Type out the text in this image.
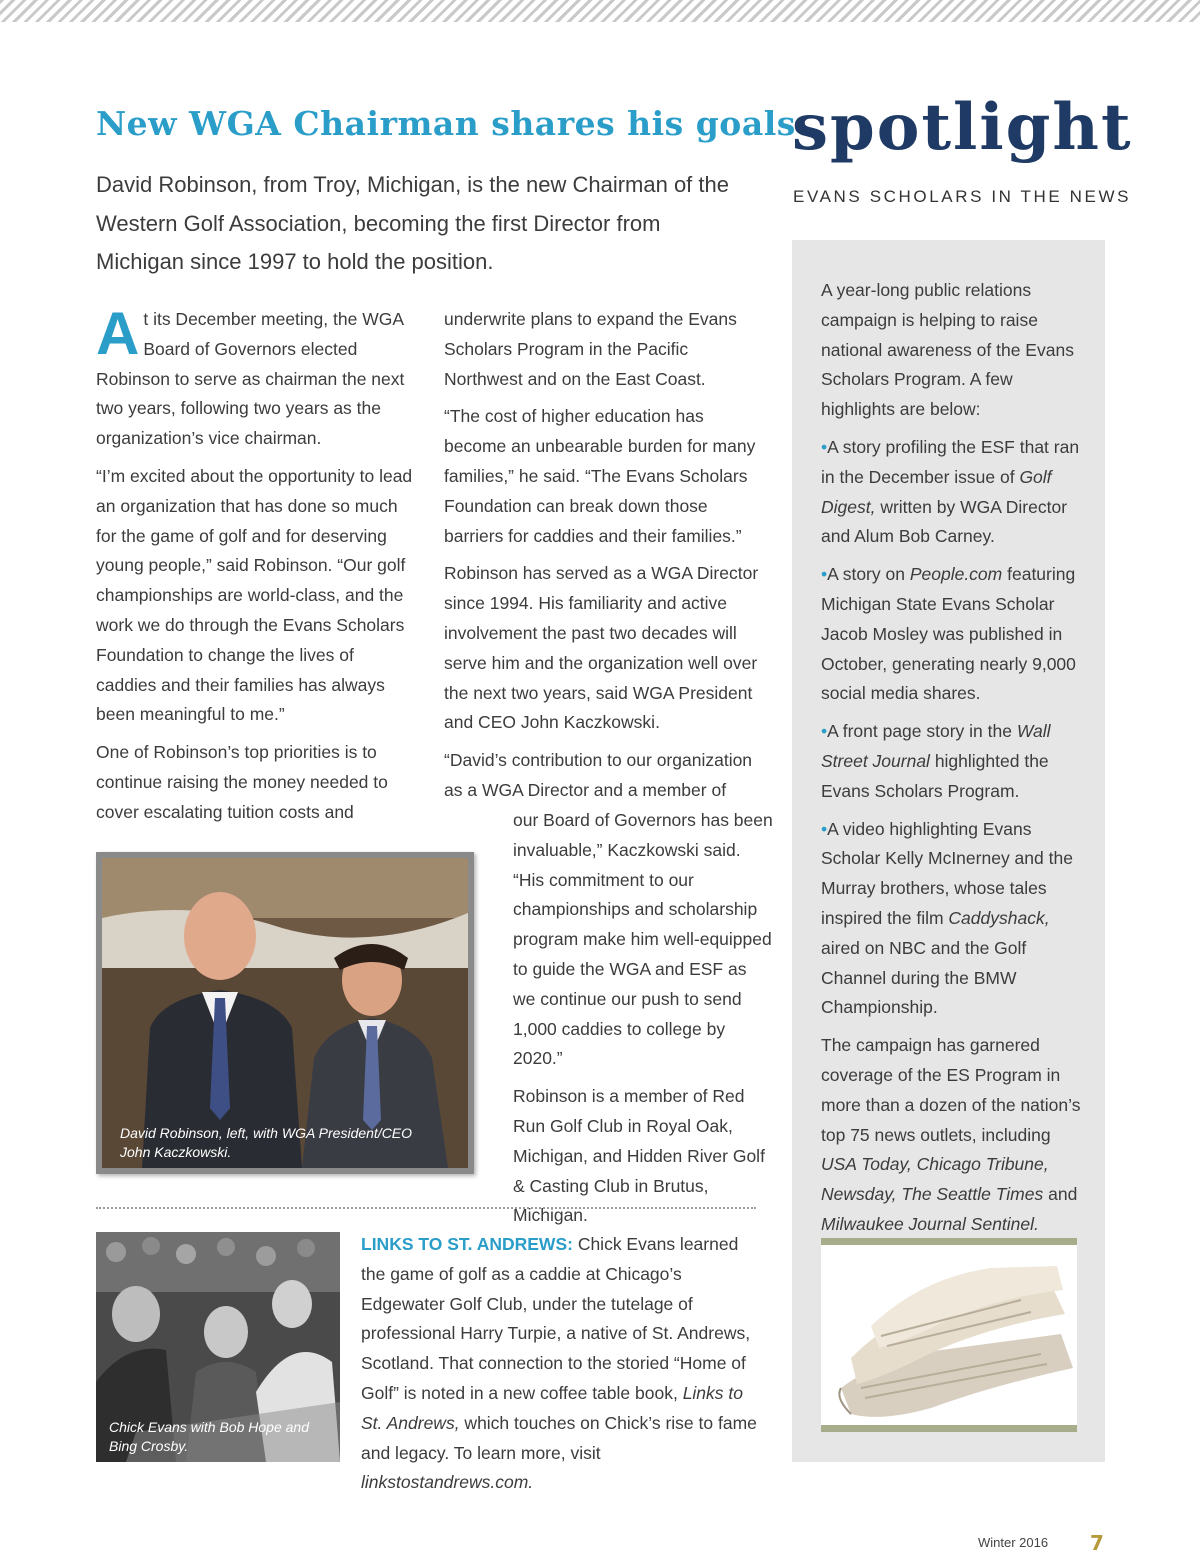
New WGA Chairman shares his goals

David Robinson, from Troy, Michigan, is the new Chairman of the Western Golf Association, becoming the first Director from Michigan since 1997 to hold the position.

At its December meeting, the WGA Board of Governors elected Robinson to serve as chairman the next two years, following two years as the organization’s vice chairman.

“I’m excited about the opportunity to lead an organization that has done so much for the game of golf and for deserving young people,” said Robinson. “Our golf championships are world-class, and the work we do through the Evans Scholars Foundation to change the lives of caddies and their families has always been meaningful to me.”

One of Robinson’s top priorities is to continue raising the money needed to cover escalating tuition costs and

underwrite plans to expand the Evans Scholars Program in the Pacific Northwest and on the East Coast.

“The cost of higher education has become an unbearable burden for many families,” he said. “The Evans Scholars Foundation can break down those barriers for caddies and their families.”

Robinson has served as a WGA Director since 1994. His familiarity and active involvement the past two decades will serve him and the organization well over the next two years, said WGA President and CEO John Kaczkowski.

“David’s contribution to our organization as a WGA Director and a member of

our Board of Governors has been invaluable,” Kaczkowski said. “His commitment to our championships and scholarship program make him well-equipped to guide the WGA and ESF as we continue our push to send 1,000 caddies to college by 2020.”

Robinson is a member of Red Run Golf Club in Royal Oak, Michigan, and Hidden River Golf & Casting Club in Brutus, Michigan.

David Robinson, left, with WGA President/CEO John Kaczkowski.
Chick Evans with Bob Hope and Bing Crosby.

LINKS TO ST. ANDREWS: Chick Evans learned the game of golf as a caddie at Chicago’s Edgewater Golf Club, under the tutelage of professional Harry Turpie, a native of St. Andrews, Scotland. That connection to the storied “Home of Golf” is noted in a new coffee table book, Links to St. Andrews, which touches on Chick’s rise to fame and legacy. To learn more, visit linkstostandrews.com.

spotlight

EVANS SCHOLARS IN THE NEWS

A year-long public relations campaign is helping to raise national awareness of the Evans Scholars Program. A few highlights are below:

•A story profiling the ESF that ran in the December issue of Golf Digest, written by WGA Director and Alum Bob Carney.

•A story on People.com featuring Michigan State Evans Scholar Jacob Mosley was published in October, generating nearly 9,000 social media shares.

•A front page story in the Wall Street Journal highlighted the Evans Scholars Program.

•A video highlighting Evans Scholar Kelly McInerney and the Murray brothers, whose tales inspired the film Caddyshack, aired on NBC and the Golf Channel during the BMW Championship.

The campaign has garnered coverage of the ES Program in more than a dozen of the nation’s top 75 news outlets, including USA Today, Chicago Tribune, Newsday, The Seattle Times and Milwaukee Journal Sentinel.

Winter 2016 7
